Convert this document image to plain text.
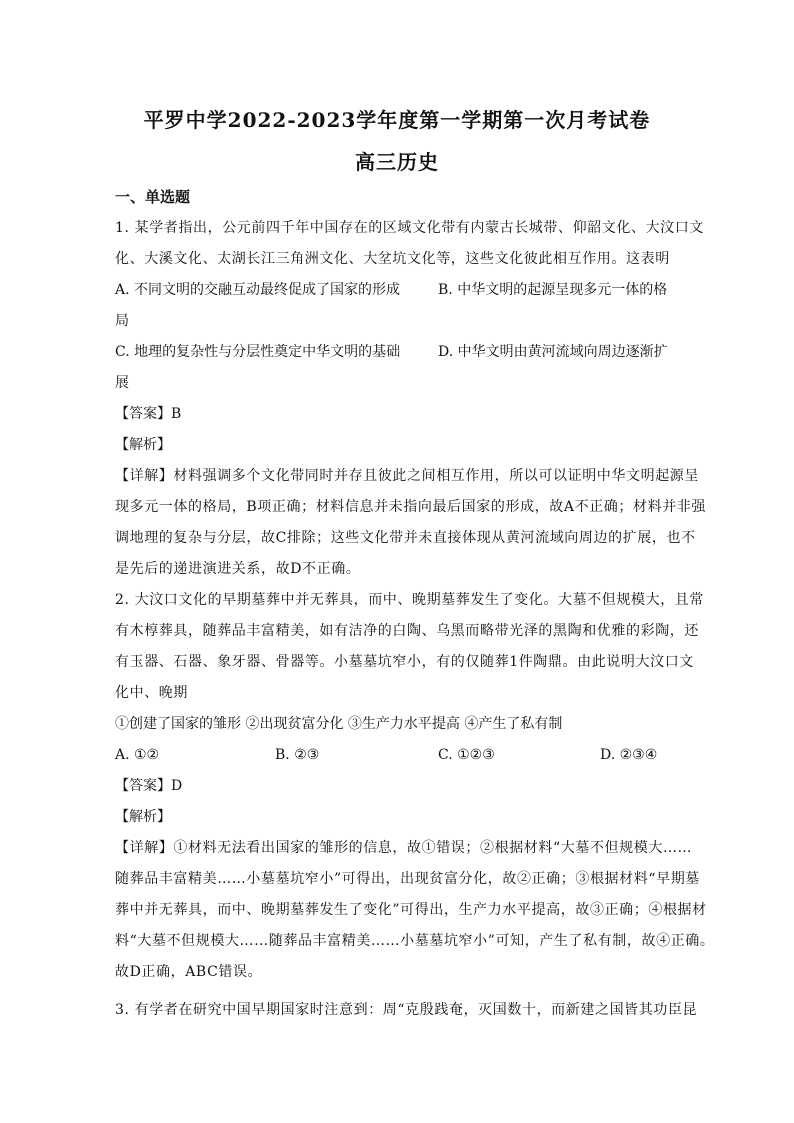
平罗中学2022-2023学年度第一学期第一次月考试卷
高三历史
一、单选题
1. 某学者指出，公元前四千年中国存在的区域文化带有内蒙古长城带、仰韶文化、大汶口文
化、大溪文化、太湖长江三角洲文化、大坌坑文化等，这些文化彼此相互作用。这表明
A. 不同文明的交融互动最终促成了国家的形成	B. 中华文明的起源呈现多元一体的格
局
C. 地理的复杂性与分层性奠定中华文明的基础	D. 中华文明由黄河流域向周边逐渐扩
展
【答案】B
【解析】
【详解】材料强调多个文化带同时并存且彼此之间相互作用，所以可以证明中华文明起源呈
现多元一体的格局，B项正确；材料信息并未指向最后国家的形成，故A不正确；材料并非强
调地理的复杂与分层，故C排除；这些文化带并未直接体现从黄河流域向周边的扩展，也不
是先后的递进演进关系，故D不正确。
2. 大汶口文化的早期墓葬中并无葬具，而中、晚期墓葬发生了变化。大墓不但规模大，且常
有木椁葬具，随葬品丰富精美，如有洁净的白陶、乌黑而略带光泽的黑陶和优雅的彩陶，还
有玉器、石器、象牙器、骨器等。小墓墓坑窄小，有的仅随葬1件陶鼎。由此说明大汶口文
化中、晚期
①创建了国家的雏形 ②出现贫富分化 ③生产力水平提高 ④产生了私有制
A. ①②	B. ②③	C. ①②③	D. ②③④
【答案】D
【解析】
【详解】①材料无法看出国家的雏形的信息，故①错误；②根据材料“大墓不但规模大……
随葬品丰富精美……小墓墓坑窄小”可得出，出现贫富分化，故②正确；③根据材料“早期墓
葬中并无葬具，而中、晚期墓葬发生了变化”可得出，生产力水平提高，故③正确；④根据材
料“大墓不但规模大……随葬品丰富精美……小墓墓坑窄小”可知，产生了私有制，故④正确。
故D正确，ABC错误。
3. 有学者在研究中国早期国家时注意到：周“克殷践奄，灭国数十，而新建之国皆其功臣昆
